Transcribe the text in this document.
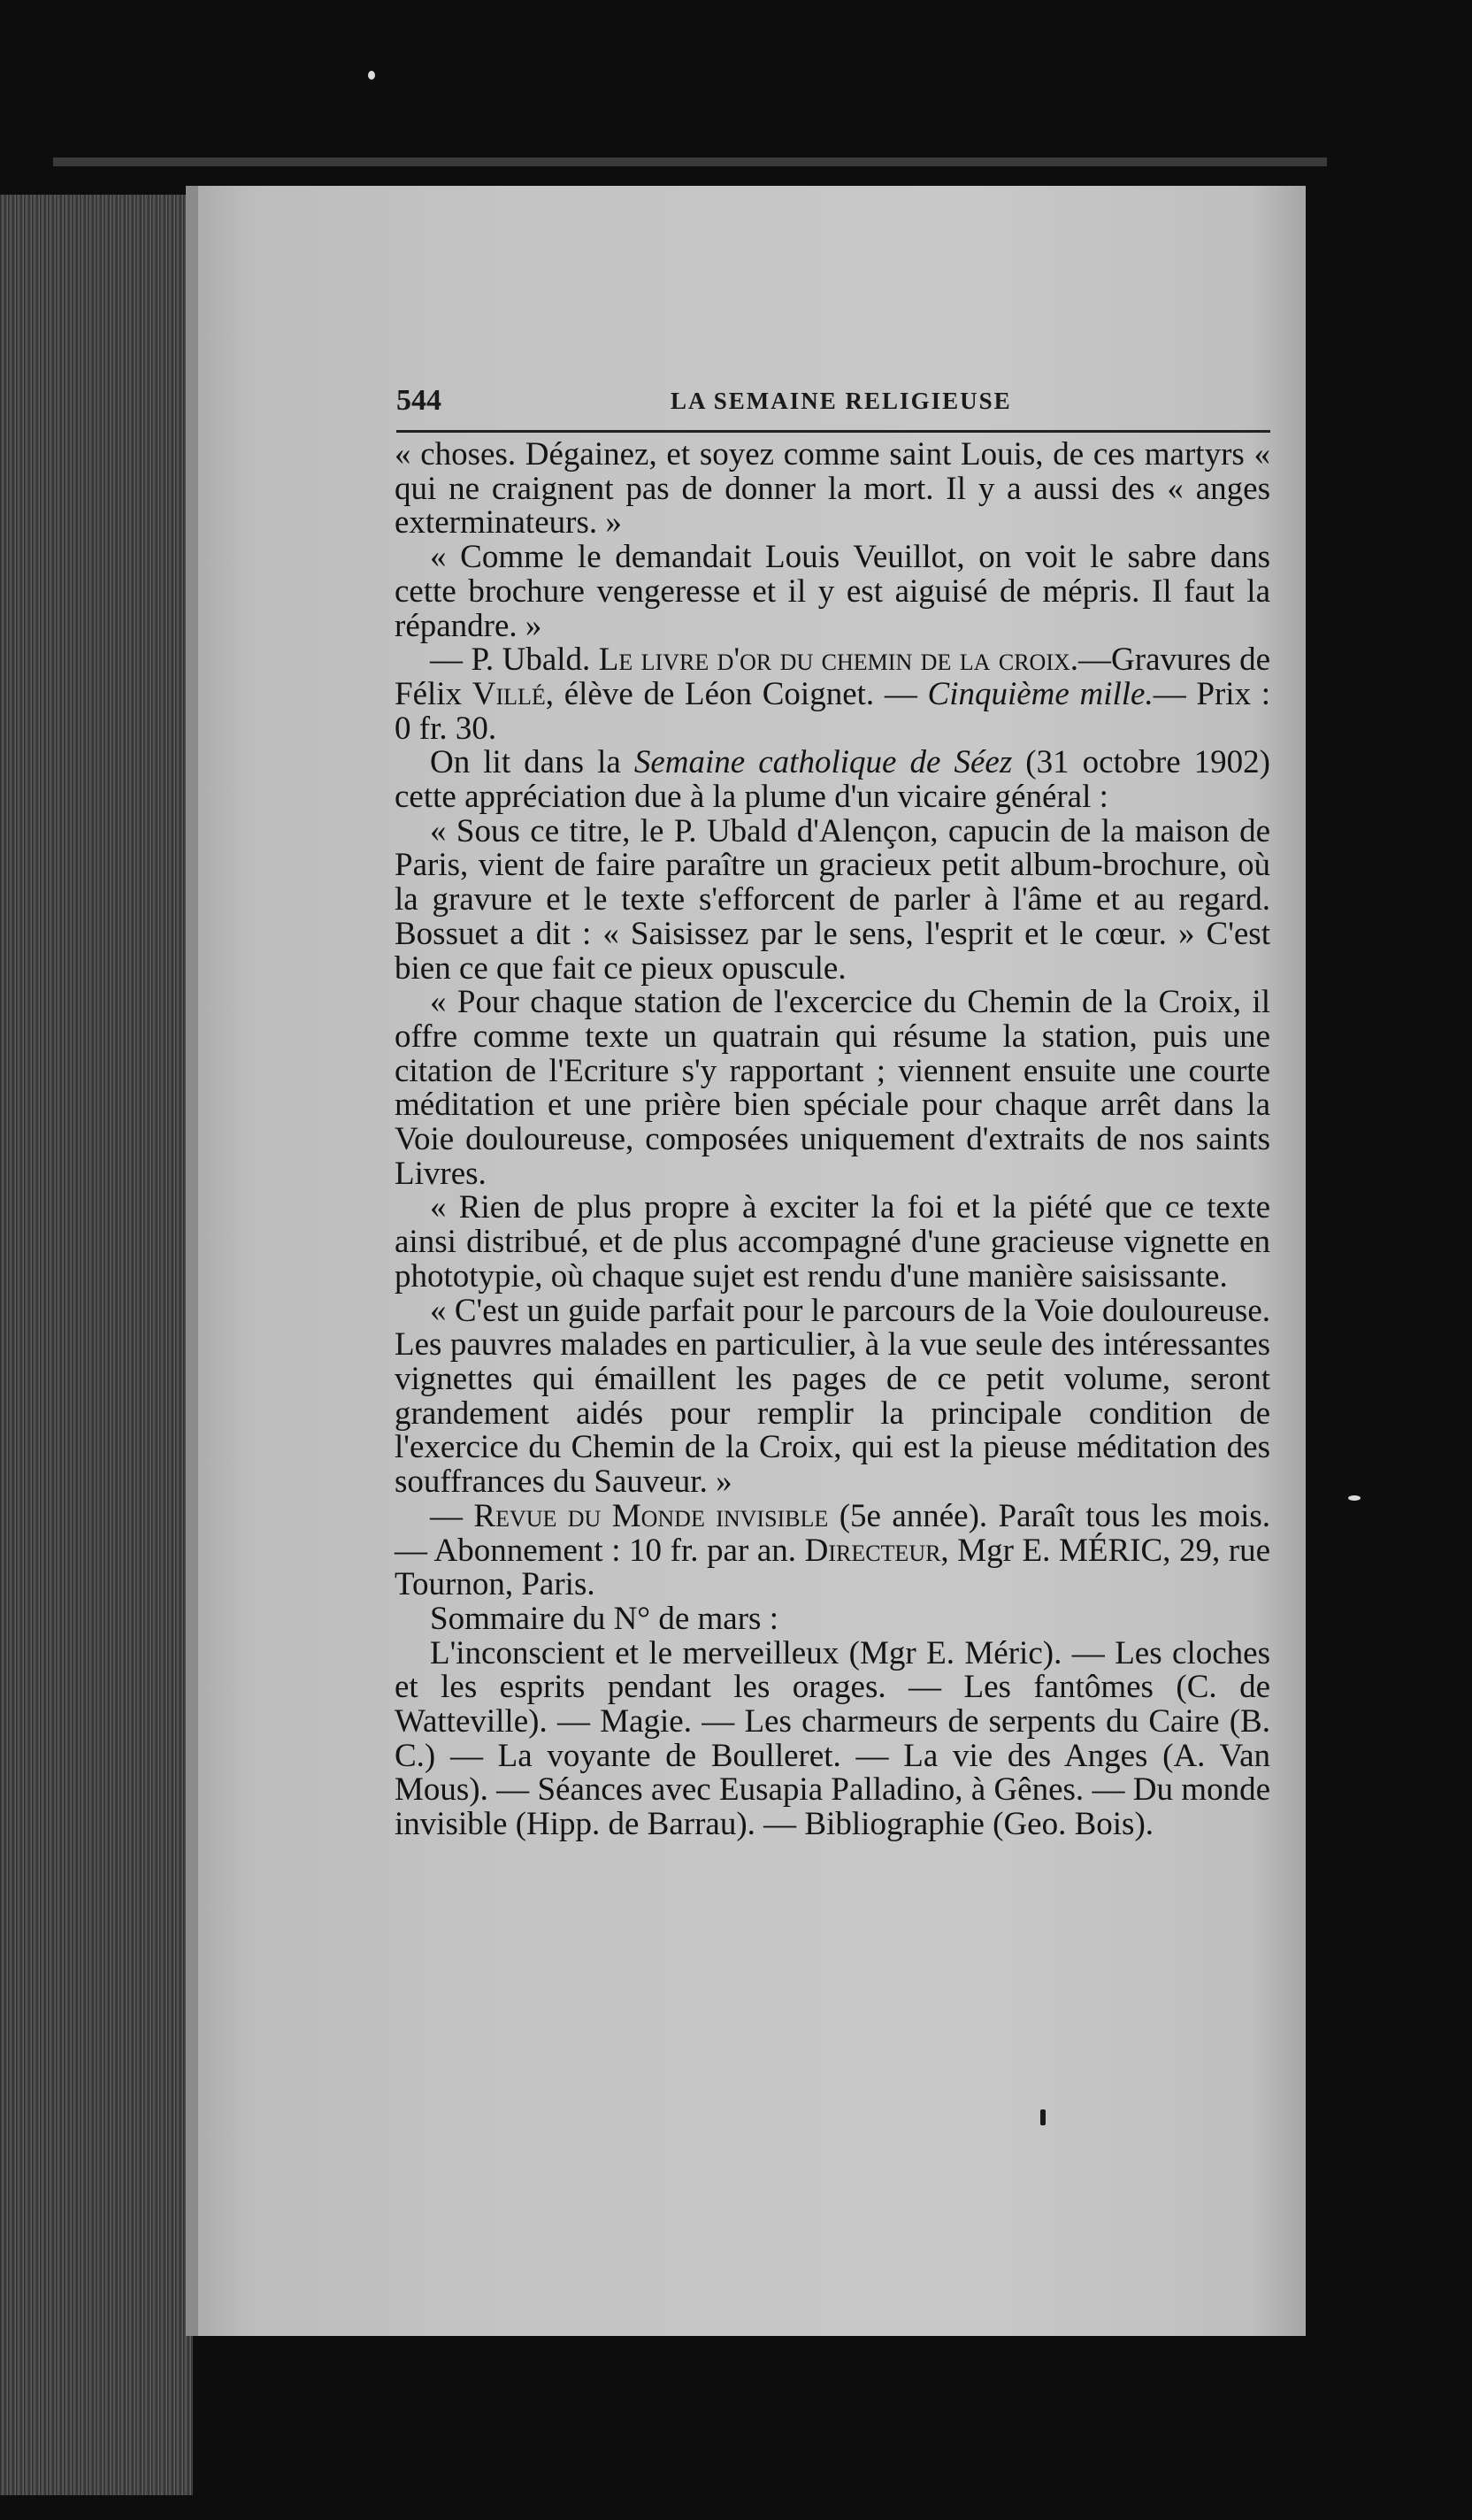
544	LA SEMAINE RELIGIEUSE

« choses. Dégainez, et soyez comme saint Louis, de ces martyrs « qui ne craignent pas de donner la mort. Il y a aussi des « anges exterminateurs. »

« Comme le demandait Louis Veuillot, on voit le sabre dans cette brochure vengeresse et il y est aiguisé de mépris. Il faut la répandre. »

— P. Ubald. Le livre d'or du chemin de la croix.—Gravures de Félix Villé, élève de Léon Coignet. — Cinquième mille.— Prix : 0 fr. 30.

On lit dans la Semaine catholique de Séez (31 octobre 1902) cette appréciation due à la plume d'un vicaire général :

« Sous ce titre, le P. Ubald d'Alençon, capucin de la maison de Paris, vient de faire paraître un gracieux petit album-brochure, où la gravure et le texte s'efforcent de parler à l'âme et au regard. Bossuet a dit : « Saisissez par le sens, l'esprit et le cœur. » C'est bien ce que fait ce pieux opuscule.

« Pour chaque station de l'excercice du Chemin de la Croix, il offre comme texte un quatrain qui résume la station, puis une citation de l'Ecriture s'y rapportant ; viennent ensuite une courte méditation et une prière bien spéciale pour chaque arrêt dans la Voie douloureuse, composées uniquement d'extraits de nos saints Livres.

« Rien de plus propre à exciter la foi et la piété que ce texte ainsi distribué, et de plus accompagné d'une gracieuse vignette en phototypie, où chaque sujet est rendu d'une manière saisissante.

« C'est un guide parfait pour le parcours de la Voie douloureuse. Les pauvres malades en particulier, à la vue seule des intéressantes vignettes qui émaillent les pages de ce petit volume, seront grandement aidés pour remplir la principale condition de l'exercice du Chemin de la Croix, qui est la pieuse méditation des souffrances du Sauveur. »

— Revue du Monde invisible (5e année). Paraît tous les mois. — Abonnement : 10 fr. par an. Directeur, Mgr E. MÉRIC, 29, rue Tournon, Paris.

Sommaire du N° de mars :

L'inconscient et le merveilleux (Mgr E. Méric). — Les cloches et les esprits pendant les orages. — Les fantômes (C. de Watteville). — Magie. — Les charmeurs de serpents du Caire (B. C.) — La voyante de Boulleret. — La vie des Anges (A. Van Mous). — Séances avec Eusapia Palladino, à Gênes. — Du monde invisible (Hipp. de Barrau). — Bibliographie (Geo. Bois).
